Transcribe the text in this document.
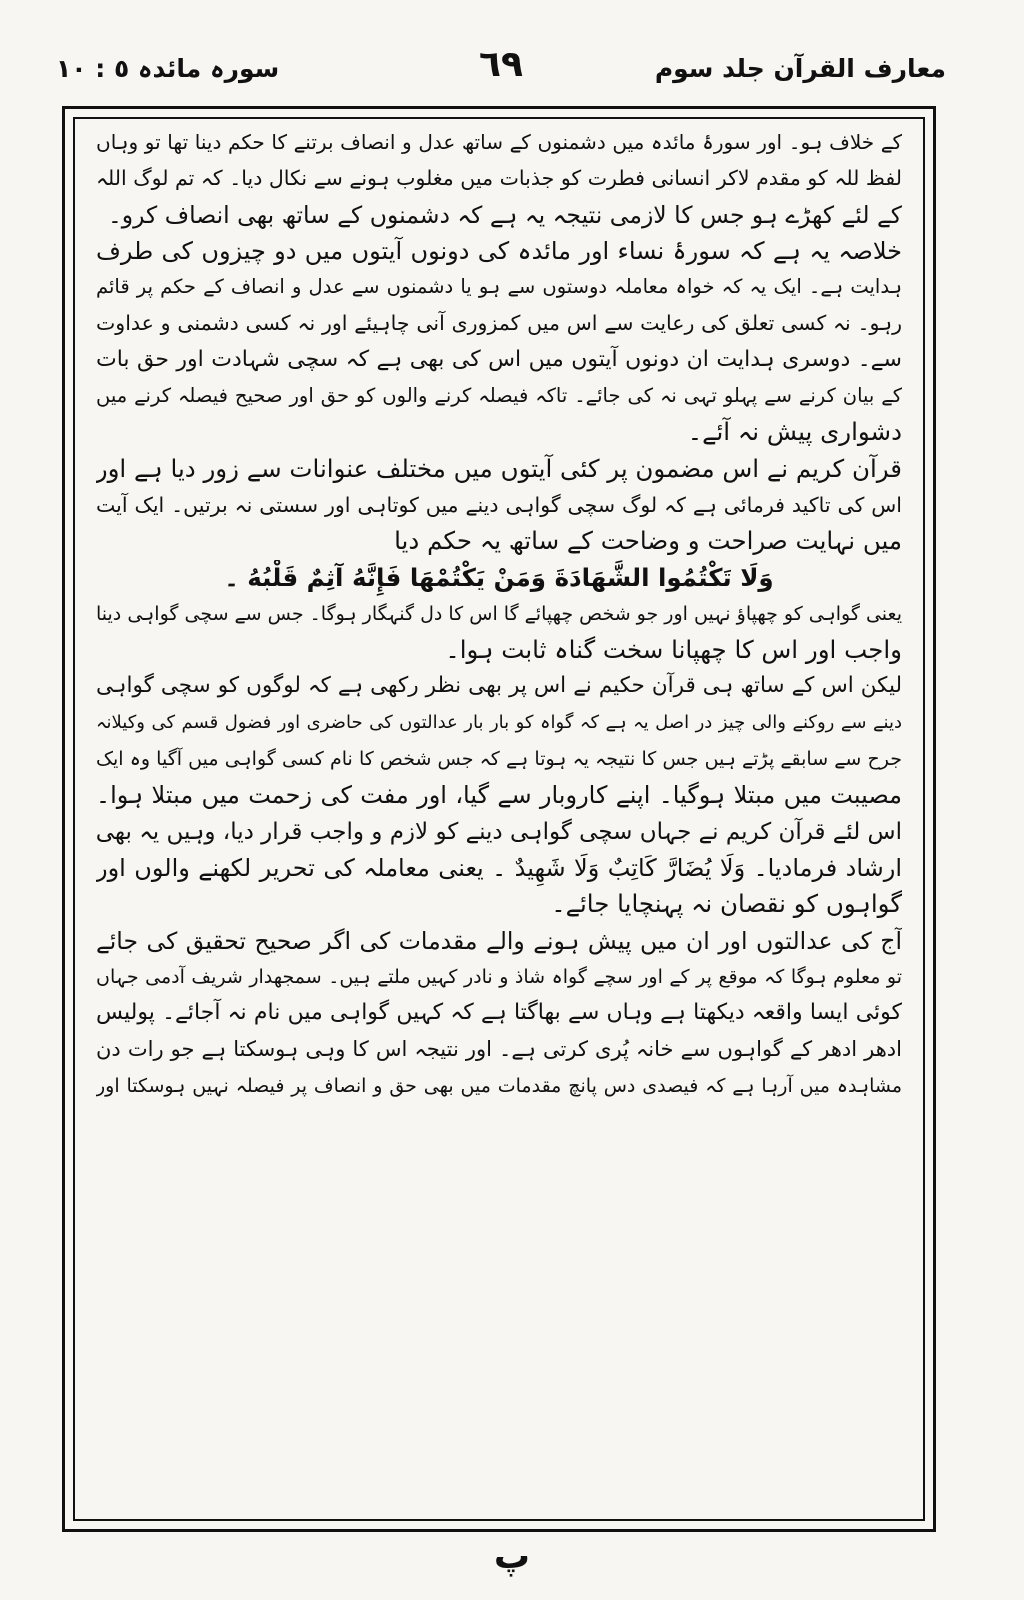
معارف القرآن جلد سوم
٦٩
سورہ مائدہ ٥ : ١٠
کے خلاف ہو۔ اور سورۂ مائدہ میں دشمنوں کے ساتھ عدل و انصاف برتنے کا حکم دینا تھا تو وہاں
لفظ للہ کو مقدم لاکر انسانی فطرت کو جذبات میں مغلوب ہونے سے نکال دیا۔ کہ تم لوگ اللہ
کے لئے کھڑے ہو جس کا لازمی نتیجہ یہ ہے کہ دشمنوں کے ساتھ بھی انصاف کرو۔
خلاصہ یہ ہے کہ سورۂ نساء اور مائدہ کی دونوں آیتوں میں دو چیزوں کی طرف
ہدایت ہے۔ ایک یہ کہ خواہ معاملہ دوستوں سے ہو یا دشمنوں سے عدل و انصاف کے حکم پر قائم
رہو۔ نہ کسی تعلق کی رعایت سے اس میں کمزوری آنی چاہیئے اور نہ کسی دشمنی و عداوت
سے۔ دوسری ہدایت ان دونوں آیتوں میں اس کی بھی ہے کہ سچی شہادت اور حق بات
کے بیان کرنے سے پہلو تہی نہ کی جائے۔ تاکہ فیصلہ کرنے والوں کو حق اور صحیح فیصلہ کرنے میں
دشواری پیش نہ آئے۔
قرآن کریم نے اس مضمون پر کئی آیتوں میں مختلف عنوانات سے زور دیا ہے اور
اس کی تاکید فرمائی ہے کہ لوگ سچی گواہی دینے میں کوتاہی اور سستی نہ برتیں۔ ایک آیت
میں نہایت صراحت و وضاحت کے ساتھ یہ حکم دیا
وَلَا تَكْتُمُوا الشَّهَادَةَ وَمَنْ يَكْتُمْهَا فَإِنَّهُ آثِمٌ قَلْبُهُ ۔
یعنی گواہی کو چھپاؤ نہیں اور جو شخص چھپائے گا اس کا دل گنہگار ہوگا۔ جس سے سچی گواہی دینا
واجب اور اس کا چھپانا سخت گناہ ثابت ہوا۔
لیکن اس کے ساتھ ہی قرآن حکیم نے اس پر بھی نظر رکھی ہے کہ لوگوں کو سچی گواہی
دینے سے روکنے والی چیز در اصل یہ ہے کہ گواہ کو بار بار عدالتوں کی حاضری اور فضول قسم کی وکیلانہ
جرح سے سابقے پڑتے ہیں جس کا نتیجہ یہ ہوتا ہے کہ جس شخص کا نام کسی گواہی میں آگیا وہ ایک
مصیبت میں مبتلا ہوگیا۔ اپنے کاروبار سے گیا، اور مفت کی زحمت میں مبتلا ہوا۔
اس لئے قرآن کریم نے جہاں سچی گواہی دینے کو لازم و واجب قرار دیا، وہیں یہ بھی
ارشاد فرمادیا۔ وَلَا يُضَارَّ كَاتِبٌ وَلَا شَهِيدٌ ۔ یعنی معاملہ کی تحریر لکھنے والوں اور
گواہوں کو نقصان نہ پہنچایا جائے۔
آج کی عدالتوں اور ان میں پیش ہونے والے مقدمات کی اگر صحیح تحقیق کی جائے
تو معلوم ہوگا کہ موقع پر کے اور سچے گواہ شاذ و نادر کہیں ملتے ہیں۔ سمجھدار شریف آدمی جہاں
کوئی ایسا واقعہ دیکھتا ہے وہاں سے بھاگتا ہے کہ کہیں گواہی میں نام نہ آجائے۔ پولیس
ادھر ادھر کے گواہوں سے خانہ پُری کرتی ہے۔ اور نتیجہ اس کا وہی ہوسکتا ہے جو رات دن
مشاہدہ میں آرہا ہے کہ فیصدی دس پانچ مقدمات میں بھی حق و انصاف پر فیصلہ نہیں ہوسکتا اور
پ
